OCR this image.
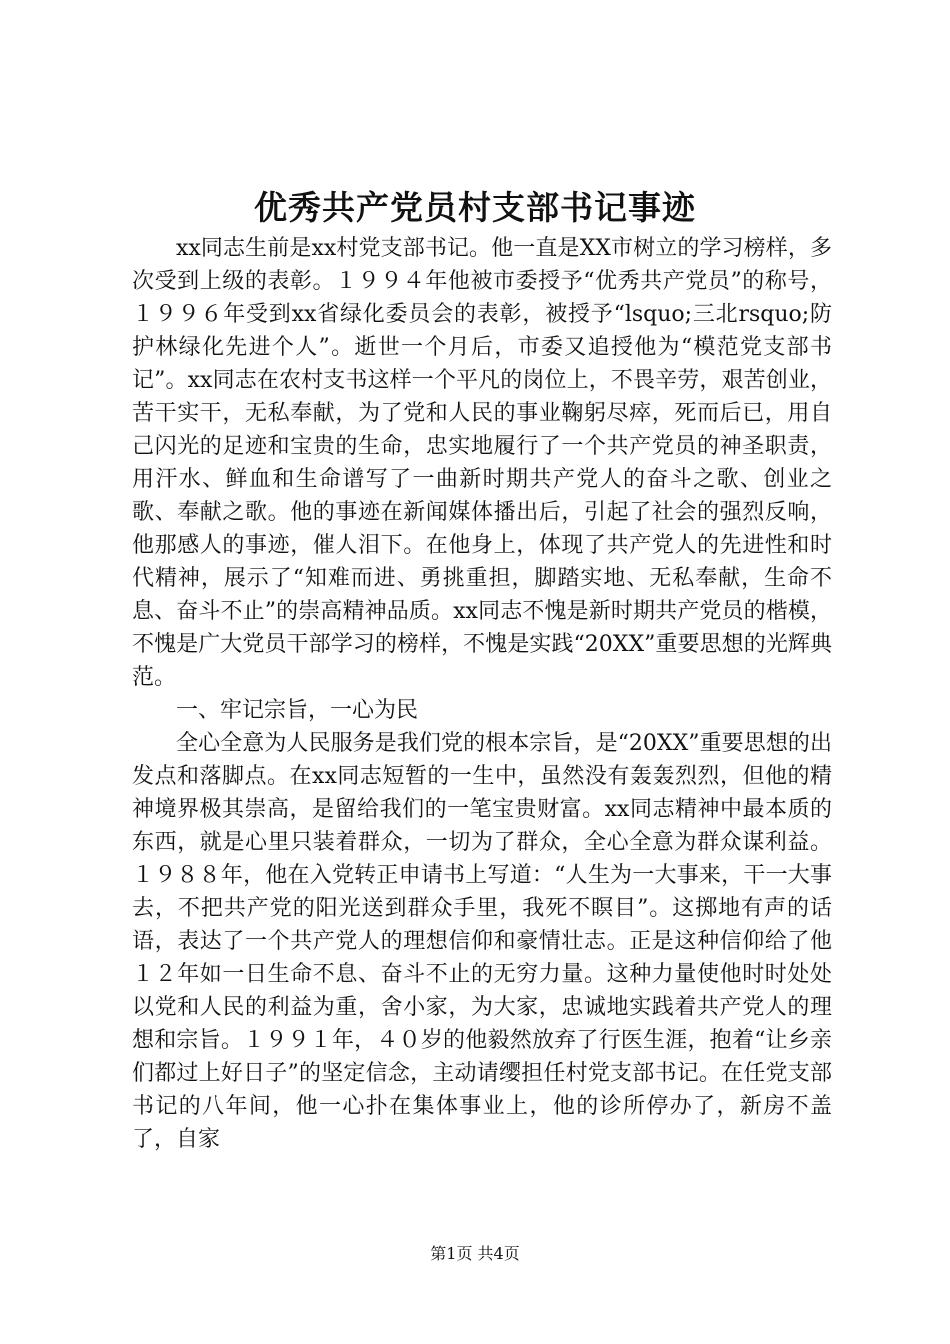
优秀共产党员村支部书记事迹

xx同志生前是xx村党支部书记。他一直是XX市树立的学习榜样，多次受到上级的表彰。１９９４年他被市委授予“优秀共产党员”的称号，１９９６年受到xx省绿化委员会的表彰，被授予“lsquo;三北rsquo;防护林绿化先进个人”。逝世一个月后，市委又追授他为“模范党支部书记”。xx同志在农村支书这样一个平凡的岗位上，不畏辛劳，艰苦创业，苦干实干，无私奉献，为了党和人民的事业鞠躬尽瘁，死而后已，用自己闪光的足迹和宝贵的生命，忠实地履行了一个共产党员的神圣职责，用汗水、鲜血和生命谱写了一曲新时期共产党人的奋斗之歌、创业之歌、奉献之歌。他的事迹在新闻媒体播出后，引起了社会的强烈反响，他那感人的事迹，催人泪下。在他身上，体现了共产党人的先进性和时代精神，展示了“知难而进、勇挑重担，脚踏实地、无私奉献，生命不息、奋斗不止”的崇高精神品质。xx同志不愧是新时期共产党员的楷模，不愧是广大党员干部学习的榜样，不愧是实践“20XX”重要思想的光辉典范。

一、牢记宗旨，一心为民

全心全意为人民服务是我们党的根本宗旨，是“20XX”重要思想的出发点和落脚点。在xx同志短暂的一生中，虽然没有轰轰烈烈，但他的精神境界极其崇高，是留给我们的一笔宝贵财富。xx同志精神中最本质的东西，就是心里只装着群众，一切为了群众，全心全意为群众谋利益。１９８８年，他在入党转正申请书上写道：“人生为一大事来，干一大事去，不把共产党的阳光送到群众手里，我死不瞑目”。这掷地有声的话语，表达了一个共产党人的理想信仰和豪情壮志。正是这种信仰给了他１２年如一日生命不息、奋斗不止的无穷力量。这种力量使他时时处处以党和人民的利益为重，舍小家，为大家，忠诚地实践着共产党人的理想和宗旨。１９９１年，４０岁的他毅然放弃了行医生涯，抱着“让乡亲们都过上好日子”的坚定信念，主动请缨担任村党支部书记。在任党支部书记的八年间，他一心扑在集体事业上，他的诊所停办了，新房不盖了，自家

第1页 共4页
